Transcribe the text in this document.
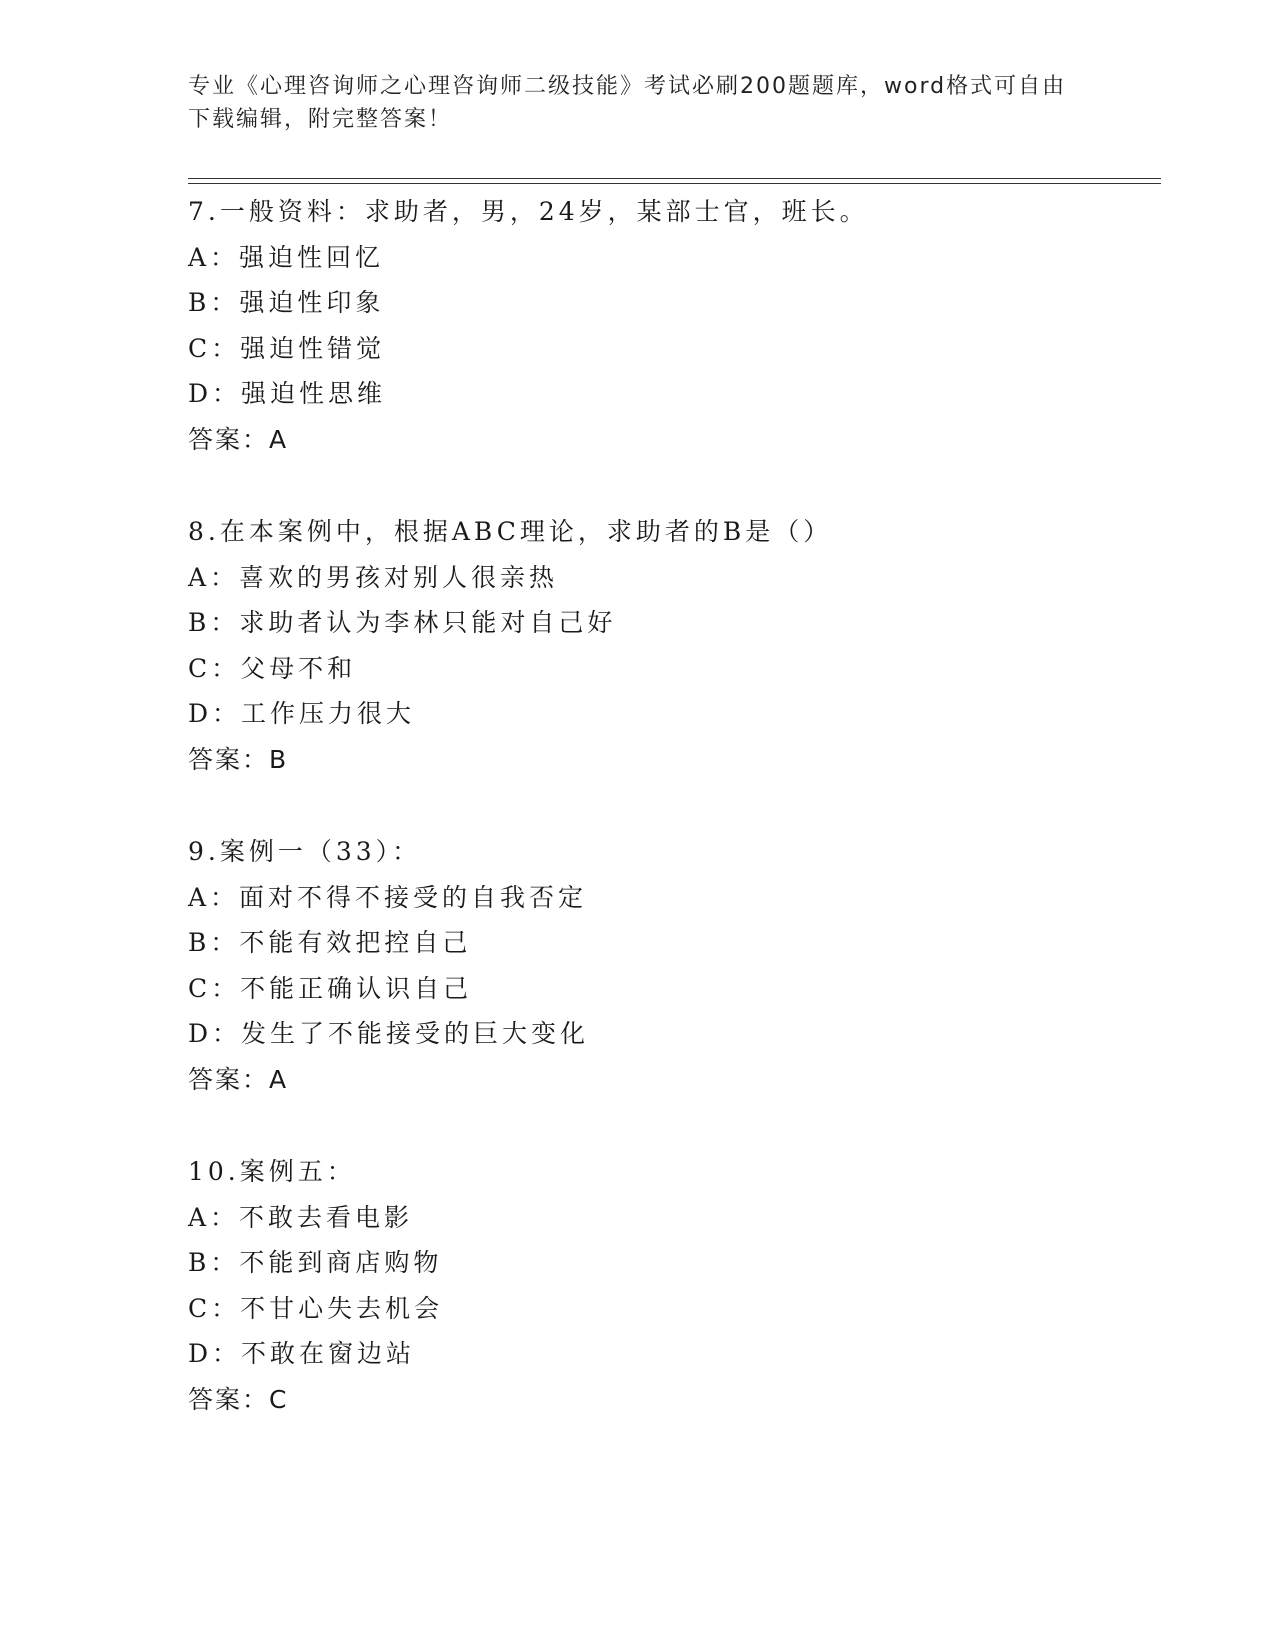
专业《心理咨询师之心理咨询师二级技能》考试必刷200题题库，word格式可自由下载编辑，附完整答案！
7.一般资料：求助者，男，24岁，某部士官，班长。
A：强迫性回忆
B：强迫性印象
C：强迫性错觉
D：强迫性思维
答案：A
8.在本案例中，根据ABC理论，求助者的B是（）
A：喜欢的男孩对别人很亲热
B：求助者认为李林只能对自己好
C：父母不和
D：工作压力很大
答案：B
9.案例一（33）：
A：面对不得不接受的自我否定
B：不能有效把控自己
C：不能正确认识自己
D：发生了不能接受的巨大变化
答案：A
10.案例五：
A：不敢去看电影
B：不能到商店购物
C：不甘心失去机会
D：不敢在窗边站
答案：C
